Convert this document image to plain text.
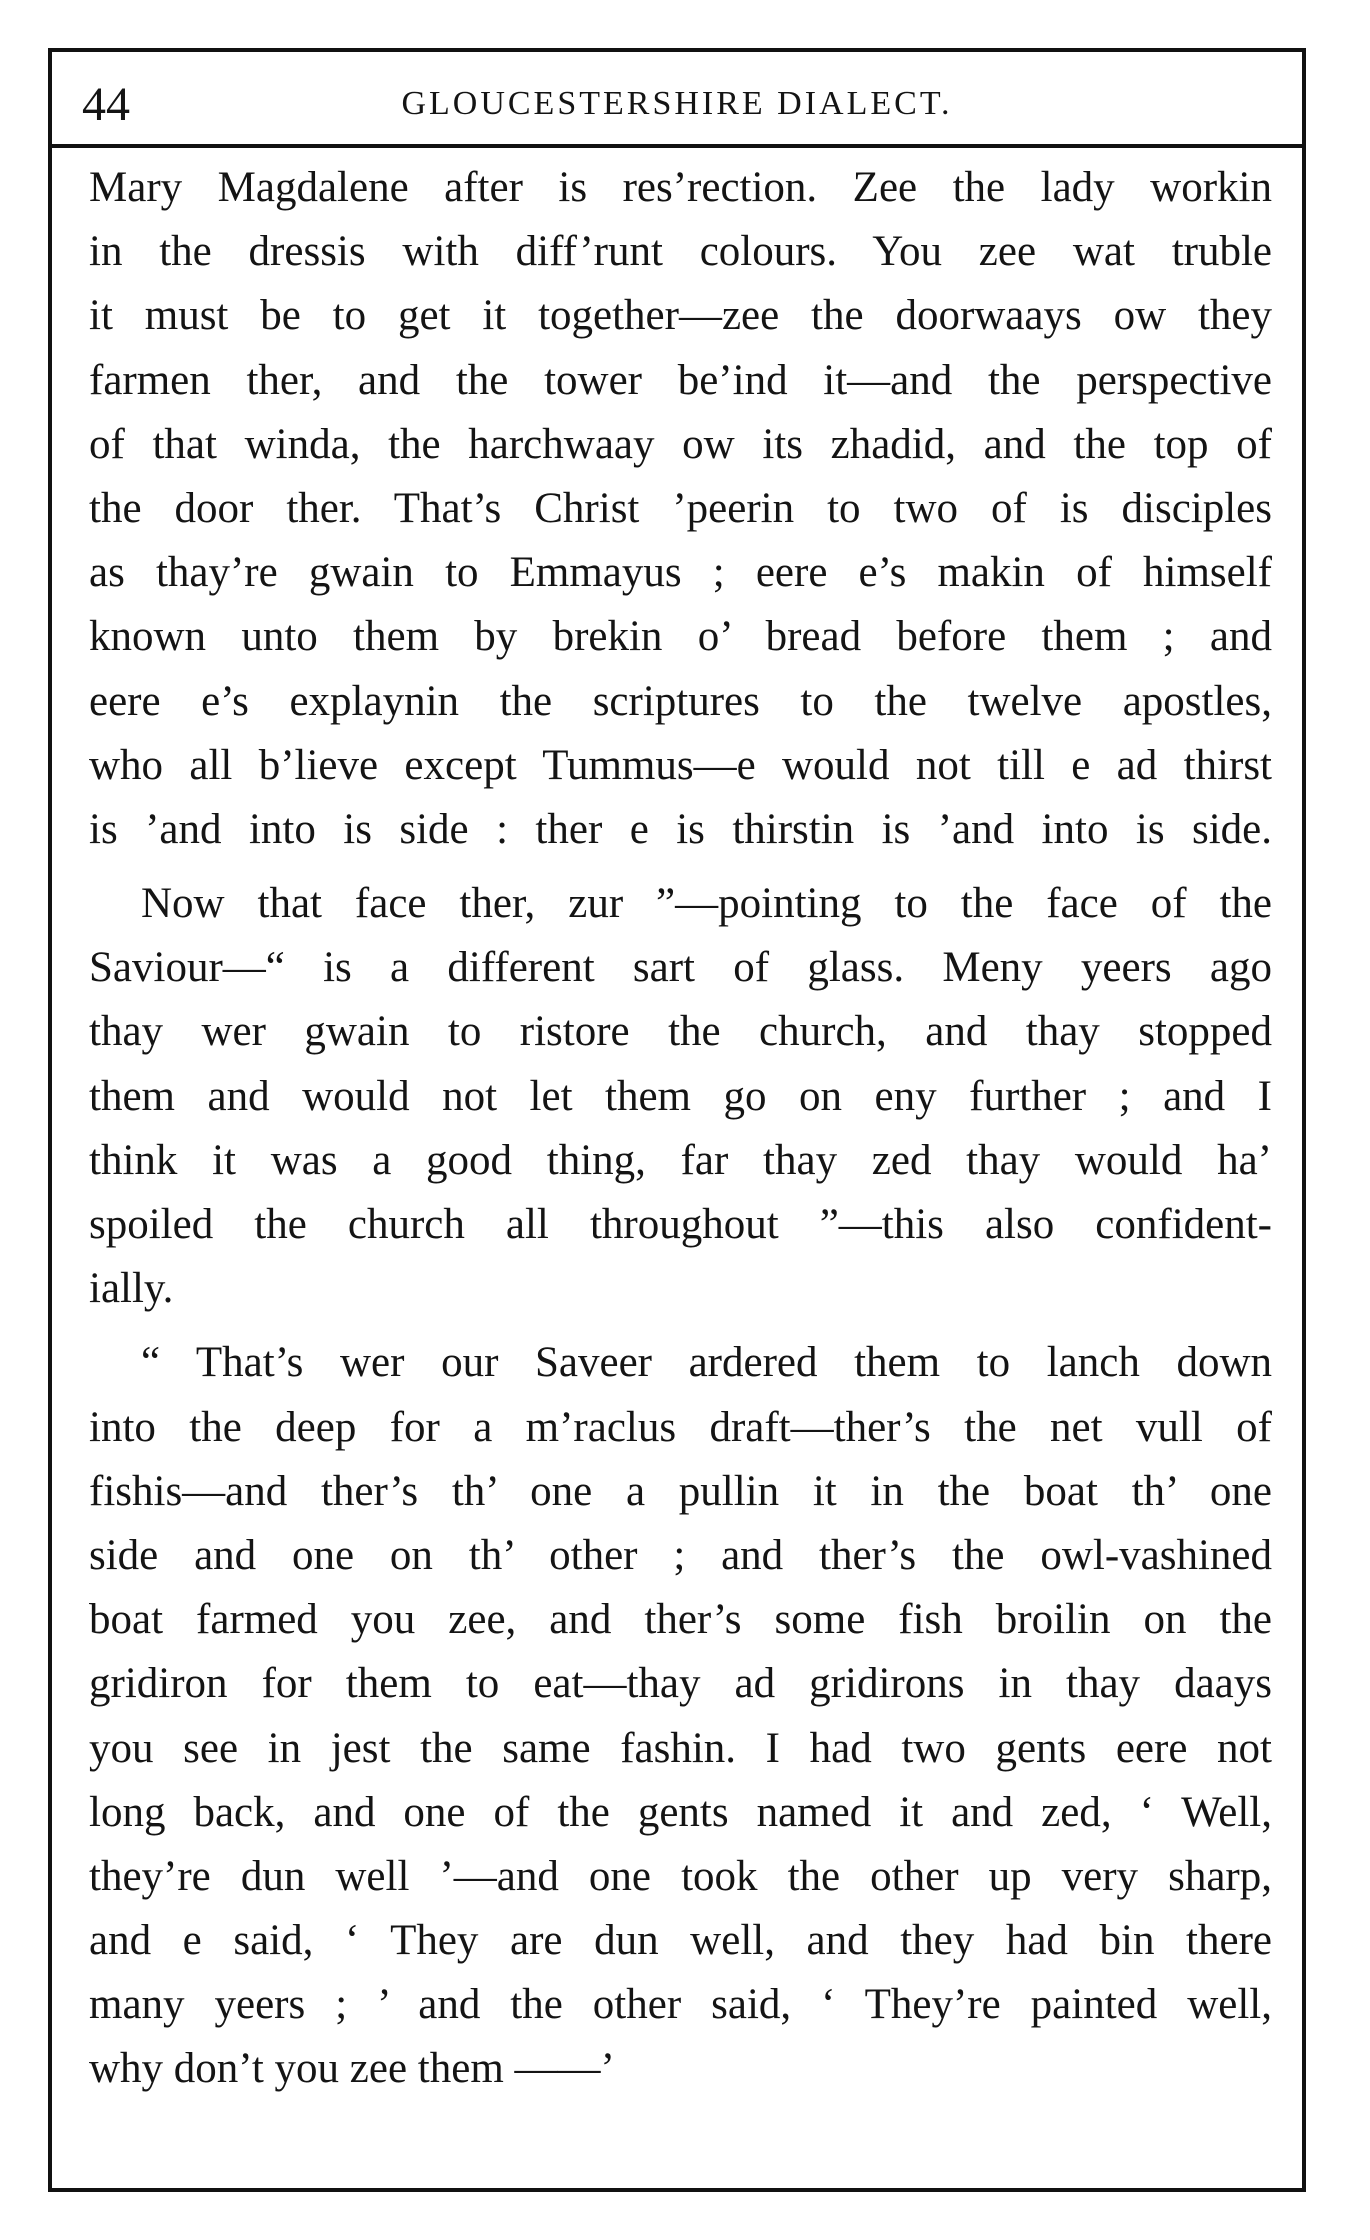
44	GLOUCESTERSHIRE DIALECT.
Mary Magdalene after is res’rection. Zee the lady workin
in the dressis with diff’runt colours. You zee wat truble
it must be to get it together—zee the doorwaays ow they
farmen ther, and the tower be’ind it—and the perspective
of that winda, the harchwaay ow its zhadid, and the top of
the door ther. That’s Christ ’peerin to two of is disciples
as thay’re gwain to Emmayus ; eere e’s makin of himself
known unto them by brekin o’ bread before them ; and
eere e’s explaynin the scriptures to the twelve apostles,
who all b’lieve except Tummus—e would not till e ad thirst
is ’and into is side : ther e is thirstin is ’and into is side.
Now that face ther, zur ”—pointing to the face of the
Saviour—“ is a different sart of glass. Meny yeers ago
thay wer gwain to ristore the church, and thay stopped
them and would not let them go on eny further ; and I
think it was a good thing, far thay zed thay would ha’
spoiled the church all throughout ”—this also confident-
ially.
“ That’s wer our Saveer ardered them to lanch down
into the deep for a m’raclus draft—ther’s the net vull of
fishis—and ther’s th’ one a pullin it in the boat th’ one
side and one on th’ other ; and ther’s the owl-vashined
boat farmed you zee, and ther’s some fish broilin on the
gridiron for them to eat—thay ad gridirons in thay daays
you see in jest the same fashin. I had two gents eere not
long back, and one of the gents named it and zed, ‘ Well,
they’re dun well ’—and one took the other up very sharp,
and e said, ‘ They are dun well, and they had bin there
many yeers ; ’ and the other said, ‘ They’re painted well,
why don’t you zee them ——’
